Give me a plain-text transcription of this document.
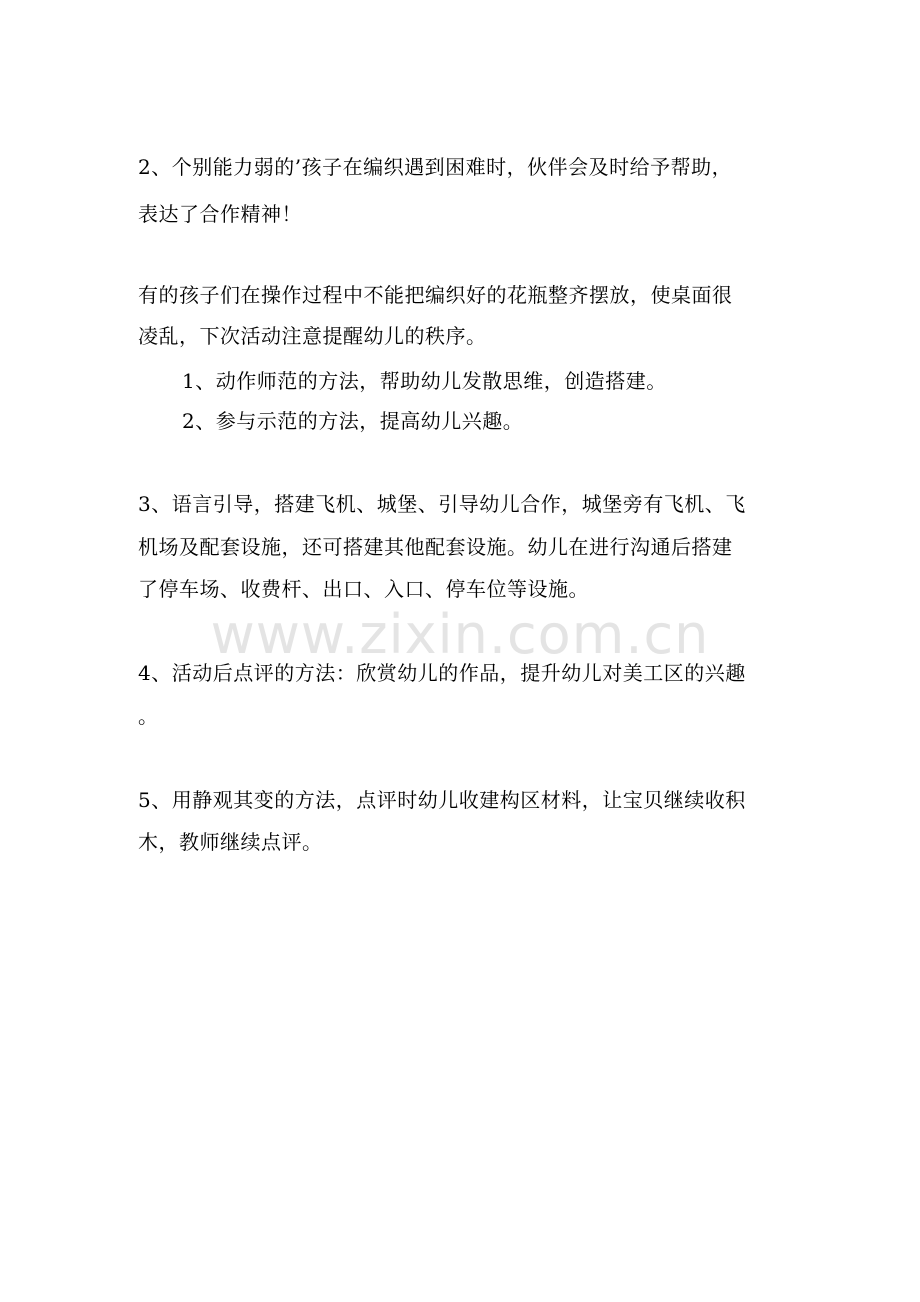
2、个别能力弱的’孩子在编织遇到困难时，伙伴会及时给予帮助，
表达了合作精神！
有的孩子们在操作过程中不能把编织好的花瓶整齐摆放，使桌面很
凌乱，下次活动注意提醒幼儿的秩序。
1、动作师范的方法，帮助幼儿发散思维，创造搭建。
2、参与示范的方法，提高幼儿兴趣。
3、语言引导，搭建飞机、城堡、引导幼儿合作，城堡旁有飞机、飞
机场及配套设施，还可搭建其他配套设施。幼儿在进行沟通后搭建
了停车场、收费杆、出口、入口、停车位等设施。
www.zixin.com.cn
4、活动后点评的方法：欣赏幼儿的作品，提升幼儿对美工区的兴趣
。
5、用静观其变的方法，点评时幼儿收建构区材料，让宝贝继续收积
木，教师继续点评。
